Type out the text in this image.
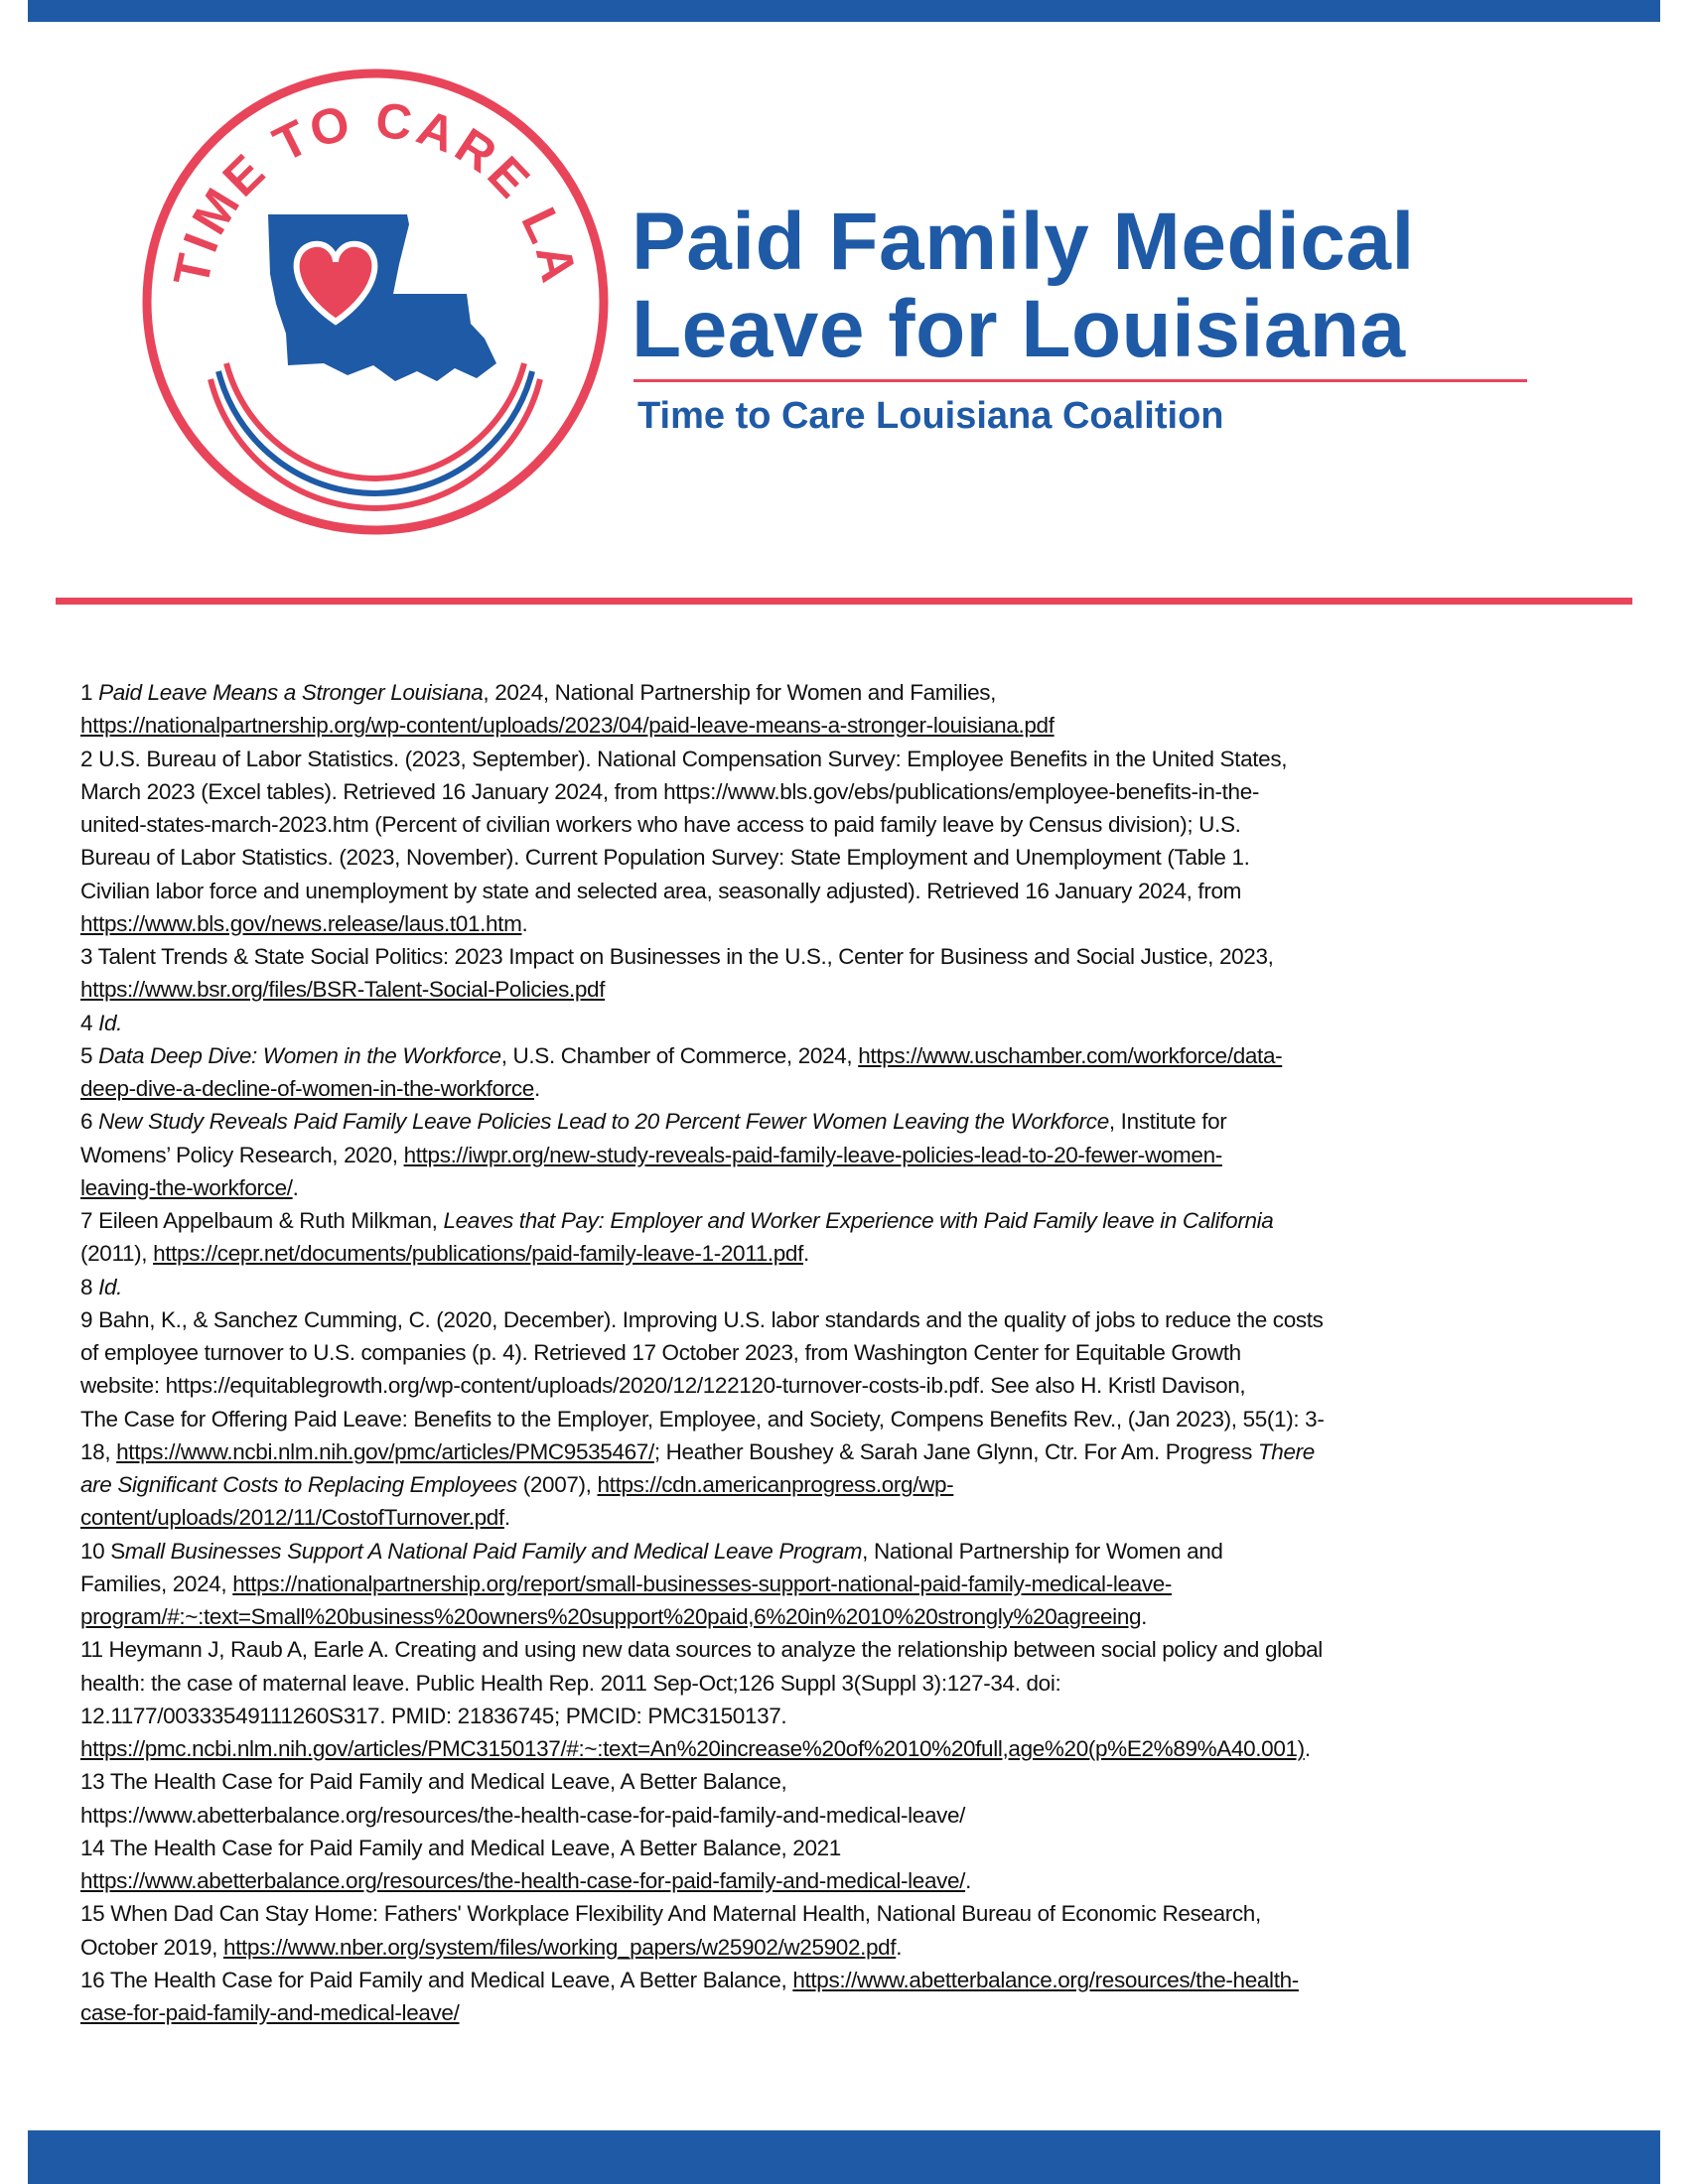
TIME TO CARE LA Paid Family Medical
Leave for Louisiana
Time to Care Louisiana Coalition
1 Paid Leave Means a Stronger Louisiana, 2024, National Partnership for Women and Families,
https://nationalpartnership.org/wp-content/uploads/2023/04/paid-leave-means-a-stronger-louisiana.pdf
2 U.S. Bureau of Labor Statistics. (2023, September). National Compensation Survey: Employee Benefits in the United States,
March 2023 (Excel tables). Retrieved 16 January 2024, from https://www.bls.gov/ebs/publications/employee-benefits-in-the-
united-states-march-2023.htm (Percent of civilian workers who have access to paid family leave by Census division); U.S.
Bureau of Labor Statistics. (2023, November). Current Population Survey: State Employment and Unemployment (Table 1.
Civilian labor force and unemployment by state and selected area, seasonally adjusted). Retrieved 16 January 2024, from
https://www.bls.gov/news.release/laus.t01.htm.
3 Talent Trends & State Social Politics: 2023 Impact on Businesses in the U.S., Center for Business and Social Justice, 2023,
https://www.bsr.org/files/BSR-Talent-Social-Policies.pdf
4 Id.
5 Data Deep Dive: Women in the Workforce, U.S. Chamber of Commerce, 2024, https://www.uschamber.com/workforce/data-
deep-dive-a-decline-of-women-in-the-workforce.
6 New Study Reveals Paid Family Leave Policies Lead to 20 Percent Fewer Women Leaving the Workforce, Institute for
Womens’ Policy Research, 2020, https://iwpr.org/new-study-reveals-paid-family-leave-policies-lead-to-20-fewer-women-
leaving-the-workforce/.
7 Eileen Appelbaum & Ruth Milkman, Leaves that Pay: Employer and Worker Experience with Paid Family leave in California
(2011), https://cepr.net/documents/publications/paid-family-leave-1-2011.pdf.
8 Id.
9 Bahn, K., & Sanchez Cumming, C. (2020, December). Improving U.S. labor standards and the quality of jobs to reduce the costs
of employee turnover to U.S. companies (p. 4). Retrieved 17 October 2023, from Washington Center for Equitable Growth
website: https://equitablegrowth.org/wp-content/uploads/2020/12/122120-turnover-costs-ib.pdf. See also H. Kristl Davison,
The Case for Offering Paid Leave: Benefits to the Employer, Employee, and Society, Compens Benefits Rev., (Jan 2023), 55(1): 3-
18, https://www.ncbi.nlm.nih.gov/pmc/articles/PMC9535467/; Heather Boushey & Sarah Jane Glynn, Ctr. For Am. Progress There
are Significant Costs to Replacing Employees (2007), https://cdn.americanprogress.org/wp-
content/uploads/2012/11/CostofTurnover.pdf.
10 Small Businesses Support A National Paid Family and Medical Leave Program, National Partnership for Women and
Families, 2024, https://nationalpartnership.org/report/small-businesses-support-national-paid-family-medical-leave-
program/#:~:text=Small%20business%20owners%20support%20paid,6%20in%2010%20strongly%20agreeing.
11 Heymann J, Raub A, Earle A. Creating and using new data sources to analyze the relationship between social policy and global
health: the case of maternal leave. Public Health Rep. 2011 Sep-Oct;126 Suppl 3(Suppl 3):127-34. doi:
12.1177/00333549111260S317. PMID: 21836745; PMCID: PMC3150137.
https://pmc.ncbi.nlm.nih.gov/articles/PMC3150137/#:~:text=An%20increase%20of%2010%20full,age%20(p%E2%89%A40.001).
13 The Health Case for Paid Family and Medical Leave, A Better Balance,
https://www.abetterbalance.org/resources/the-health-case-for-paid-family-and-medical-leave/
14 The Health Case for Paid Family and Medical Leave, A Better Balance, 2021
https://www.abetterbalance.org/resources/the-health-case-for-paid-family-and-medical-leave/.
15 When Dad Can Stay Home: Fathers' Workplace Flexibility And Maternal Health, National Bureau of Economic Research,
October 2019, https://www.nber.org/system/files/working_papers/w25902/w25902.pdf.
16 The Health Case for Paid Family and Medical Leave, A Better Balance, https://www.abetterbalance.org/resources/the-health-
case-for-paid-family-and-medical-leave/
